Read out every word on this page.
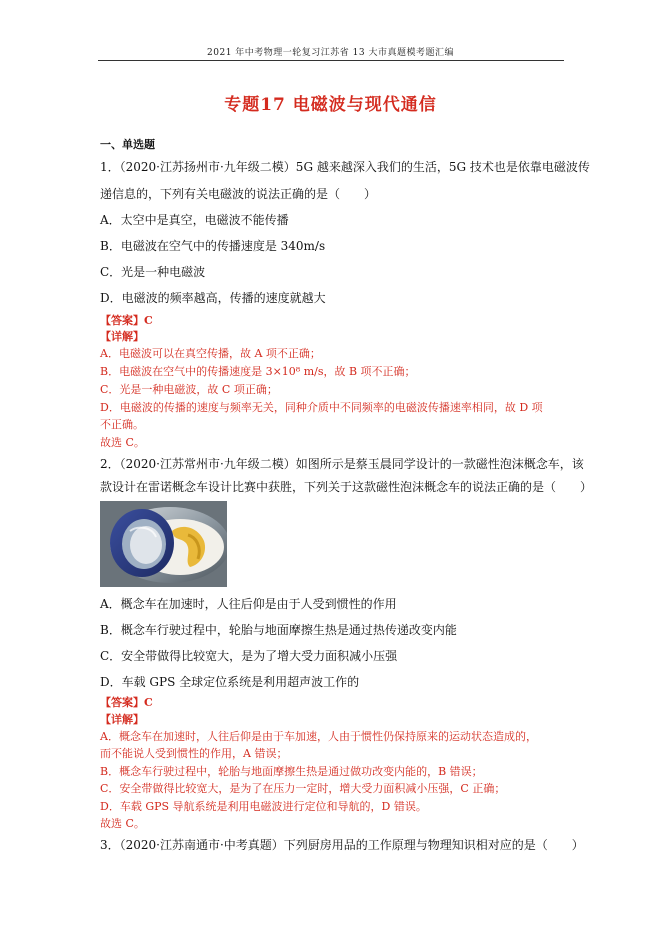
2021 年中考物理一轮复习江苏省 13 大市真题模考题汇编
专题17 电磁波与现代通信
一、单选题
1．（2020·江苏扬州市·九年级二模）5G 越来越深入我们的生活，5G 技术也是依靠电磁波传
递信息的，下列有关电磁波的说法正确的是（　　）
A．太空中是真空，电磁波不能传播
B．电磁波在空气中的传播速度是 340m/s
C．光是一种电磁波
D．电磁波的频率越高，传播的速度就越大
【答案】C
【详解】
A．电磁波可以在真空传播，故 A 项不正确；
B．电磁波在空气中的传播速度是 3×10⁸ m/s，故 B 项不正确；
C．光是一种电磁波，故 C 项正确；
D．电磁波的传播的速度与频率无关，同种介质中不同频率的电磁波传播速率相同，故 D 项
不正确。
故选 C。
2．（2020·江苏常州市·九年级二模）如图所示是蔡玉晨同学设计的一款磁性泡沫概念车，该
款设计在雷诺概念车设计比赛中获胜，下列关于这款磁性泡沫概念车的说法正确的是（　　）
A．概念车在加速时，人往后仰是由于人受到惯性的作用
B．概念车行驶过程中，轮胎与地面摩擦生热是通过热传递改变内能
C．安全带做得比较宽大，是为了增大受力面积减小压强
D．车载 GPS 全球定位系统是利用超声波工作的
【答案】C
【详解】
A．概念车在加速时，人往后仰是由于车加速，人由于惯性仍保持原来的运动状态造成的，
而不能说人受到惯性的作用，A 错误；
B．概念车行驶过程中，轮胎与地面摩擦生热是通过做功改变内能的，B 错误；
C．安全带做得比较宽大，是为了在压力一定时，增大受力面积减小压强，C 正确；
D．车载 GPS 导航系统是利用电磁波进行定位和导航的，D 错误。
故选 C。
3．（2020·江苏南通市·中考真题）下列厨房用品的工作原理与物理知识相对应的是（　　）
